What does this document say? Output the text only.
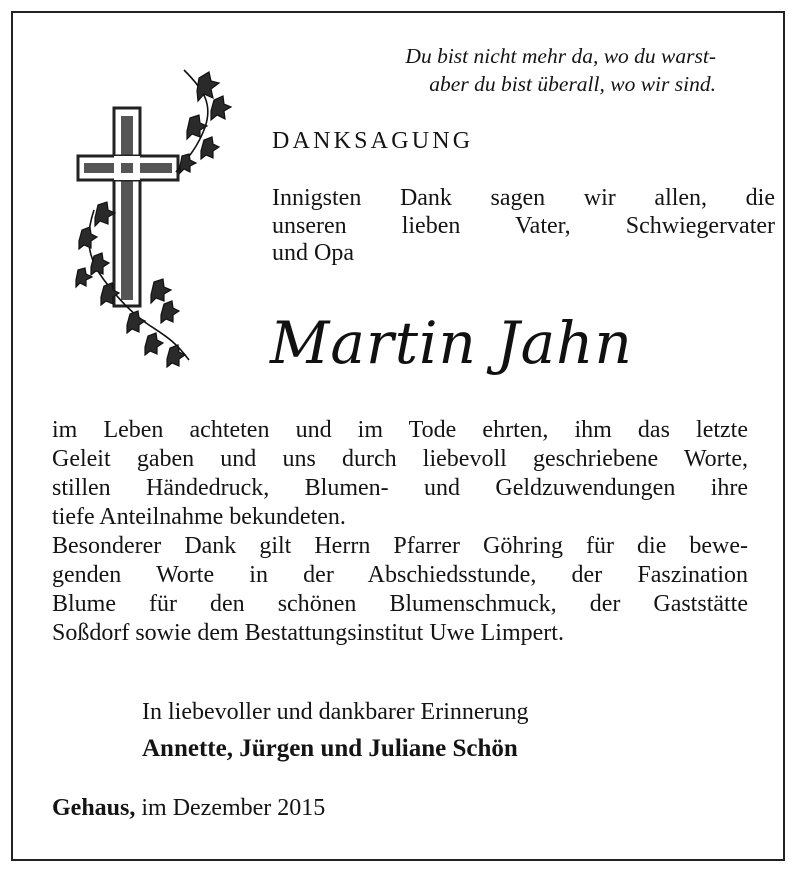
Du bist nicht mehr da, wo du warst-
aber du bist überall, wo wir sind.
DANKSAGUNG
Innigsten Dank sagen wir allen, die
unseren lieben Vater, Schwiegervater
und Opa
Martin Jahn
im Leben achteten und im Tode ehrten, ihm das letzte
Geleit gaben und uns durch liebevoll geschriebene Worte,
stillen Händedruck, Blumen- und Geldzuwendungen ihre
tiefe Anteilnahme bekundeten.
Besonderer Dank gilt Herrn Pfarrer Göhring für die bewe-
genden Worte in der Abschiedsstunde, der Faszination
Blume für den schönen Blumenschmuck, der Gaststätte
Soßdorf sowie dem Bestattungsinstitut Uwe Limpert.
In liebevoller und dankbarer Erinnerung
Annette, Jürgen und Juliane Schön
Gehaus, im Dezember 2015
